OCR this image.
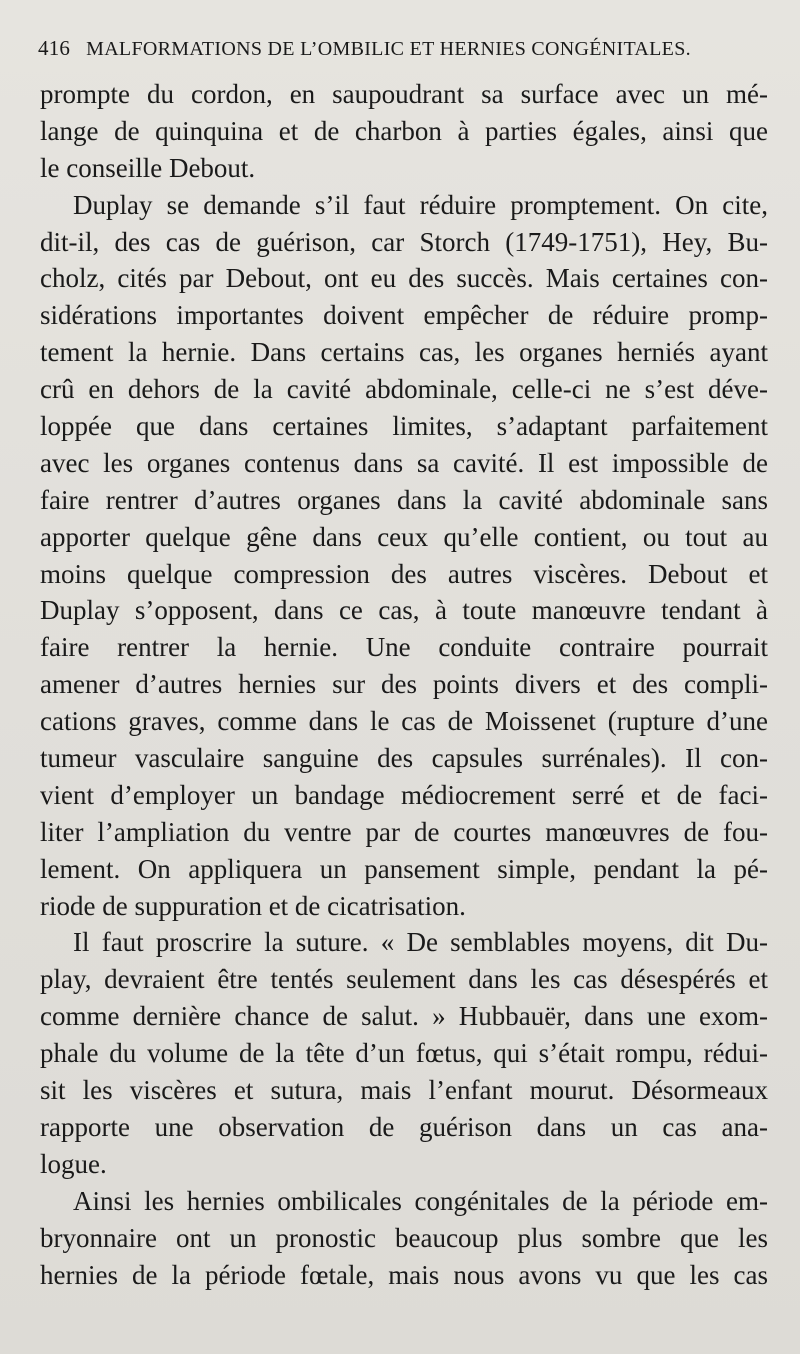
416 MALFORMATIONS DE L’OMBILIC ET HERNIES CONGÉNITALES.
prompte du cordon, en saupoudrant sa surface avec un mé-
lange de quinquina et de charbon à parties égales, ainsi que
le conseille Debout.
Duplay se demande s’il faut réduire promptement. On cite,
dit-il, des cas de guérison, car Storch (1749-1751), Hey, Bu-
cholz, cités par Debout, ont eu des succès. Mais certaines con-
sidérations importantes doivent empêcher de réduire promp-
tement la hernie. Dans certains cas, les organes herniés ayant
crû en dehors de la cavité abdominale, celle-ci ne s’est déve-
loppée que dans certaines limites, s’adaptant parfaitement
avec les organes contenus dans sa cavité. Il est impossible de
faire rentrer d’autres organes dans la cavité abdominale sans
apporter quelque gêne dans ceux qu’elle contient, ou tout au
moins quelque compression des autres viscères. Debout et
Duplay s’opposent, dans ce cas, à toute manœuvre tendant à
faire rentrer la hernie. Une conduite contraire pourrait
amener d’autres hernies sur des points divers et des compli-
cations graves, comme dans le cas de Moissenet (rupture d’une
tumeur vasculaire sanguine des capsules surrénales). Il con-
vient d’employer un bandage médiocrement serré et de faci-
liter l’ampliation du ventre par de courtes manœuvres de fou-
lement. On appliquera un pansement simple, pendant la pé-
riode de suppuration et de cicatrisation.
Il faut proscrire la suture. « De semblables moyens, dit Du-
play, devraient être tentés seulement dans les cas désespérés et
comme dernière chance de salut. » Hubbauër, dans une exom-
phale du volume de la tête d’un fœtus, qui s’était rompu, rédui-
sit les viscères et sutura, mais l’enfant mourut. Désormeaux
rapporte une observation de guérison dans un cas ana-
logue.
Ainsi les hernies ombilicales congénitales de la période em-
bryonnaire ont un pronostic beaucoup plus sombre que les
hernies de la période fœtale, mais nous avons vu que les cas
